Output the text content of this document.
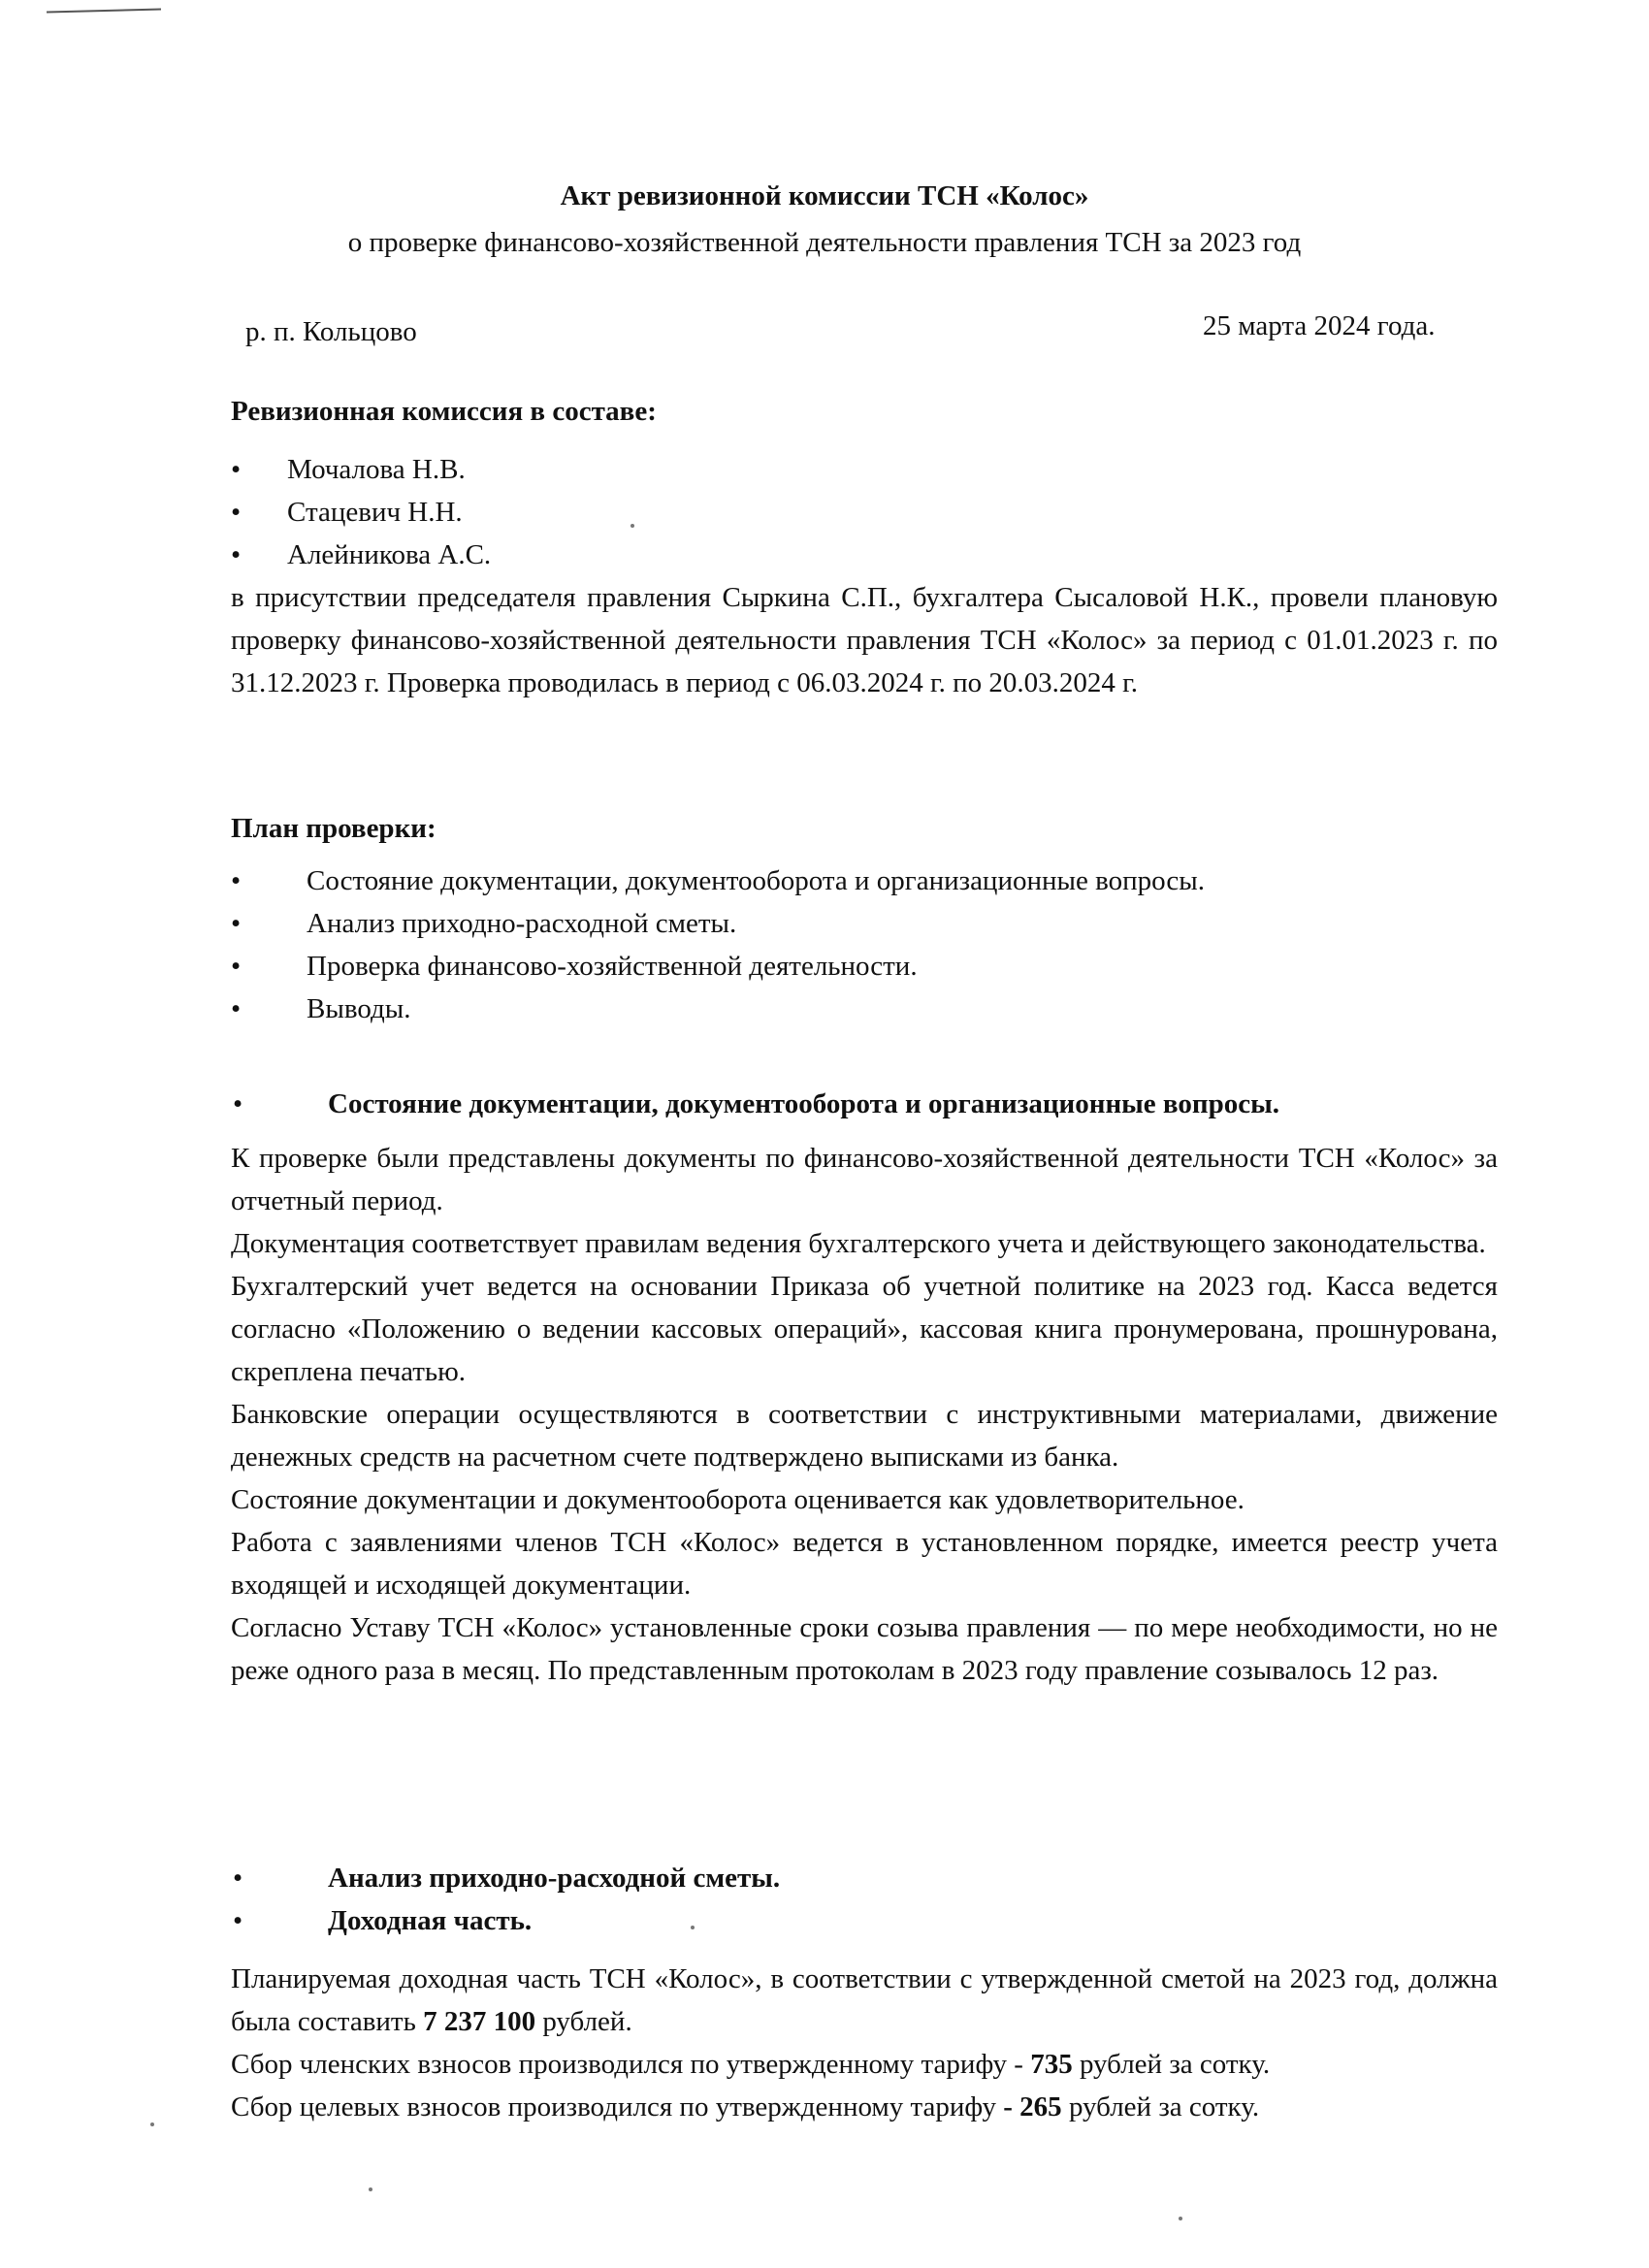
Акт ревизионной комиссии ТСН «Колос»
о проверке финансово-хозяйственной деятельности правления ТСН за 2023 год
р. п. Кольцово	25 марта 2024 года.
Ревизионная комиссия в составе:
• Мочалова Н.В.
• Стацевич Н.Н.
• Алейникова А.С.
в присутствии председателя правления Сыркина С.П., бухгалтера Сысаловой Н.К., провели плановую проверку финансово-хозяйственной деятельности правления ТСН «Колос» за период с 01.01.2023 г. по 31.12.2023 г. Проверка проводилась в период с 06.03.2024 г. по 20.03.2024 г.
План проверки:
• Состояние документации, документооборота и организационные вопросы.
• Анализ приходно-расходной сметы.
• Проверка финансово-хозяйственной деятельности.
• Выводы.
•	Состояние документации, документооборота и организационные вопросы.
К проверке были представлены документы по финансово-хозяйственной деятельности ТСН «Колос» за отчетный период.
Документация соответствует правилам ведения бухгалтерского учета и действующего законодательства.
Бухгалтерский учет ведется на основании Приказа об учетной политике на 2023 год. Касса ведется согласно «Положению о ведении кассовых операций», кассовая книга пронумерована, прошнурована, скреплена печатью.
Банковские операции осуществляются в соответствии с инструктивными материалами, движение денежных средств на расчетном счете подтверждено выписками из банка.
Состояние документации и документооборота оценивается как удовлетворительное.
Работа с заявлениями членов ТСН «Колос» ведется в установленном порядке, имеется реестр учета входящей и исходящей документации.
Согласно Уставу ТСН «Колос» установленные сроки созыва правления — по мере необходимости, но не реже одного раза в месяц. По представленным протоколам в 2023 году правление созывалось 12 раз.
•	Анализ приходно-расходной сметы.
•	Доходная часть.
Планируемая доходная часть ТСН «Колос», в соответствии с утвержденной сметой на 2023 год, должна была составить 7 237 100 рублей.
Сбор членских взносов производился по утвержденному тарифу - 735 рублей за сотку.
Сбор целевых взносов производился по утвержденному тарифу - 265 рублей за сотку.
